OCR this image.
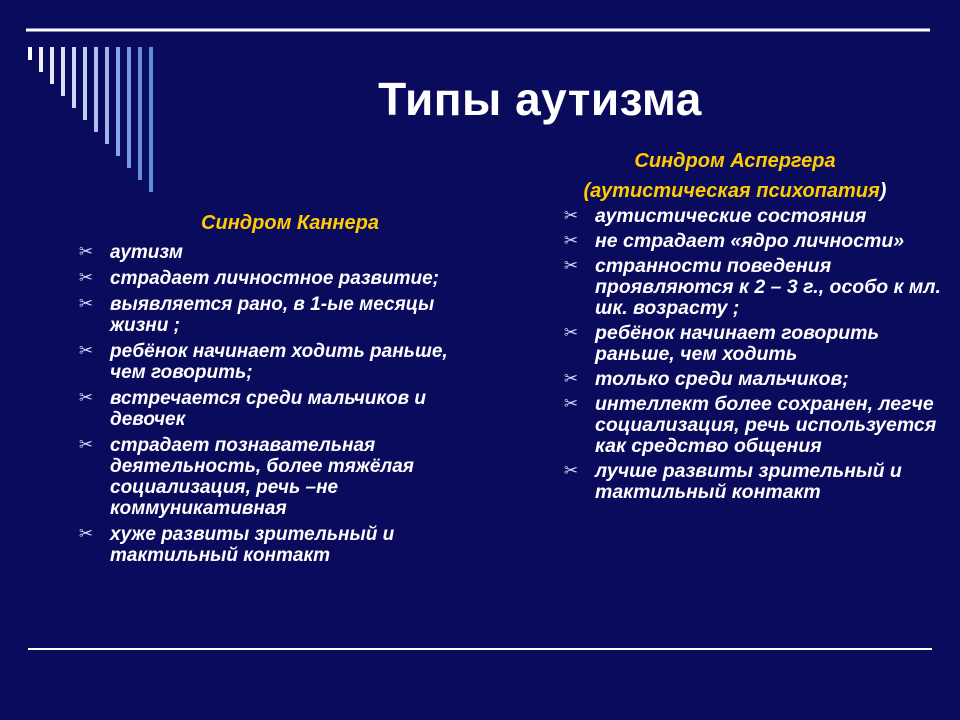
Типы аутизма
Синдром Каннера
✂ аутизм
✂ страдает личностное развитие;
✂ выявляется рано, в 1-ые месяцы жизни ;
✂ ребёнок начинает ходить раньше, чем говорить;
✂ встречается среди мальчиков и девочек
✂ страдает познавательная деятельность, более тяжёлая социализация, речь –не коммуникативная
✂ хуже развиты зрительный и тактильный контакт
Синдром Аспергера
(аутистическая психопатия)
✂ аутистические состояния
✂ не страдает «ядро личности»
✂ странности поведения проявляются к 2 – 3 г., особо к мл. шк. возрасту ;
✂ ребёнок начинает говорить раньше, чем ходить
✂ только среди мальчиков;
✂ интеллект более сохранен, легче социализация, речь используется как средство общения
✂ лучше развиты зрительный и тактильный контакт
